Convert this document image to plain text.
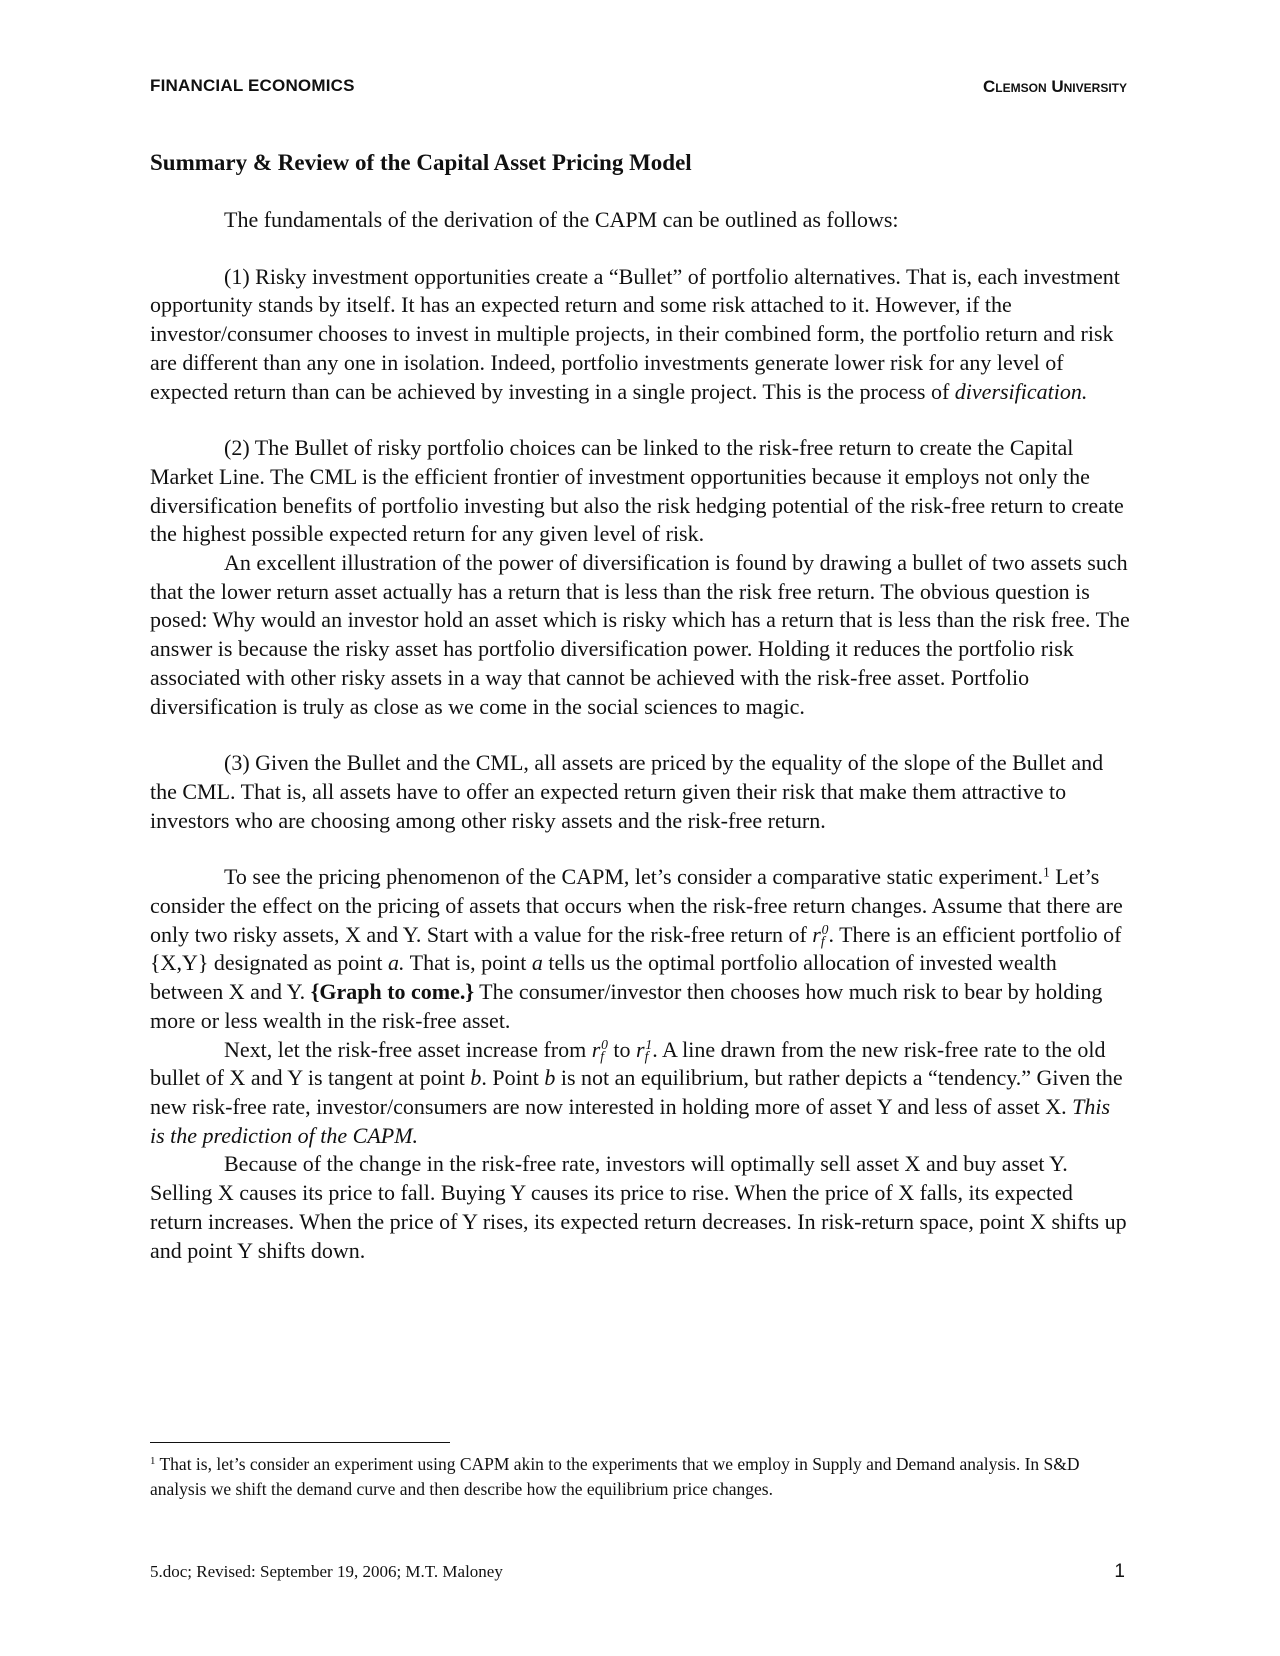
FINANCIAL ECONOMICS	Clemson University
Summary & Review of the Capital Asset Pricing Model

The fundamentals of the derivation of the CAPM can be outlined as follows:

(1) Risky investment opportunities create a “Bullet” of portfolio alternatives. That is, each investment opportunity stands by itself. It has an expected return and some risk attached to it. However, if the investor/consumer chooses to invest in multiple projects, in their combined form, the portfolio return and risk are different than any one in isolation. Indeed, portfolio investments generate lower risk for any level of expected return than can be achieved by investing in a single project. This is the process of diversification.

(2) The Bullet of risky portfolio choices can be linked to the risk-free return to create the Capital Market Line. The CML is the efficient frontier of investment opportunities because it employs not only the diversification benefits of portfolio investing but also the risk hedging potential of the risk-free return to create the highest possible expected return for any given level of risk.

An excellent illustration of the power of diversification is found by drawing a bullet of two assets such that the lower return asset actually has a return that is less than the risk free return. The obvious question is posed: Why would an investor hold an asset which is risky which has a return that is less than the risk free. The answer is because the risky asset has portfolio diversification power. Holding it reduces the portfolio risk associated with other risky assets in a way that cannot be achieved with the risk-free asset. Portfolio diversification is truly as close as we come in the social sciences to magic.

(3) Given the Bullet and the CML, all assets are priced by the equality of the slope of the Bullet and the CML. That is, all assets have to offer an expected return given their risk that make them attractive to investors who are choosing among other risky assets and the risk-free return.

To see the pricing phenomenon of the CAPM, let’s consider a comparative static experiment.$^1$ Let’s consider the effect on the pricing of assets that occurs when the risk-free return changes. Assume that there are only two risky assets, X and Y. Start with a value for the risk-free return of $r_f^0$. There is an efficient portfolio of {X,Y} designated as point a. That is, point a tells us the optimal portfolio allocation of invested wealth between X and Y. {Graph to come.} The consumer/investor then chooses how much risk to bear by holding more or less wealth in the risk-free asset.

Next, let the risk-free asset increase from $r_f^0$ to $r_f^1$. A line drawn from the new risk-free rate to the old bullet of X and Y is tangent at point b. Point b is not an equilibrium, but rather depicts a “tendency.” Given the new risk-free rate, investor/consumers are now interested in holding more of asset Y and less of asset X. This is the prediction of the CAPM.

Because of the change in the risk-free rate, investors will optimally sell asset X and buy asset Y. Selling X causes its price to fall. Buying Y causes its price to rise. When the price of X falls, its expected return increases. When the price of Y rises, its expected return decreases. In risk-return space, point X shifts up and point Y shifts down.

$^1$ That is, let’s consider an experiment using CAPM akin to the experiments that we employ in Supply and Demand analysis. In S&D analysis we shift the demand curve and then describe how the equilibrium price changes.
5.doc; Revised: September 19, 2006; M.T. Maloney	1
